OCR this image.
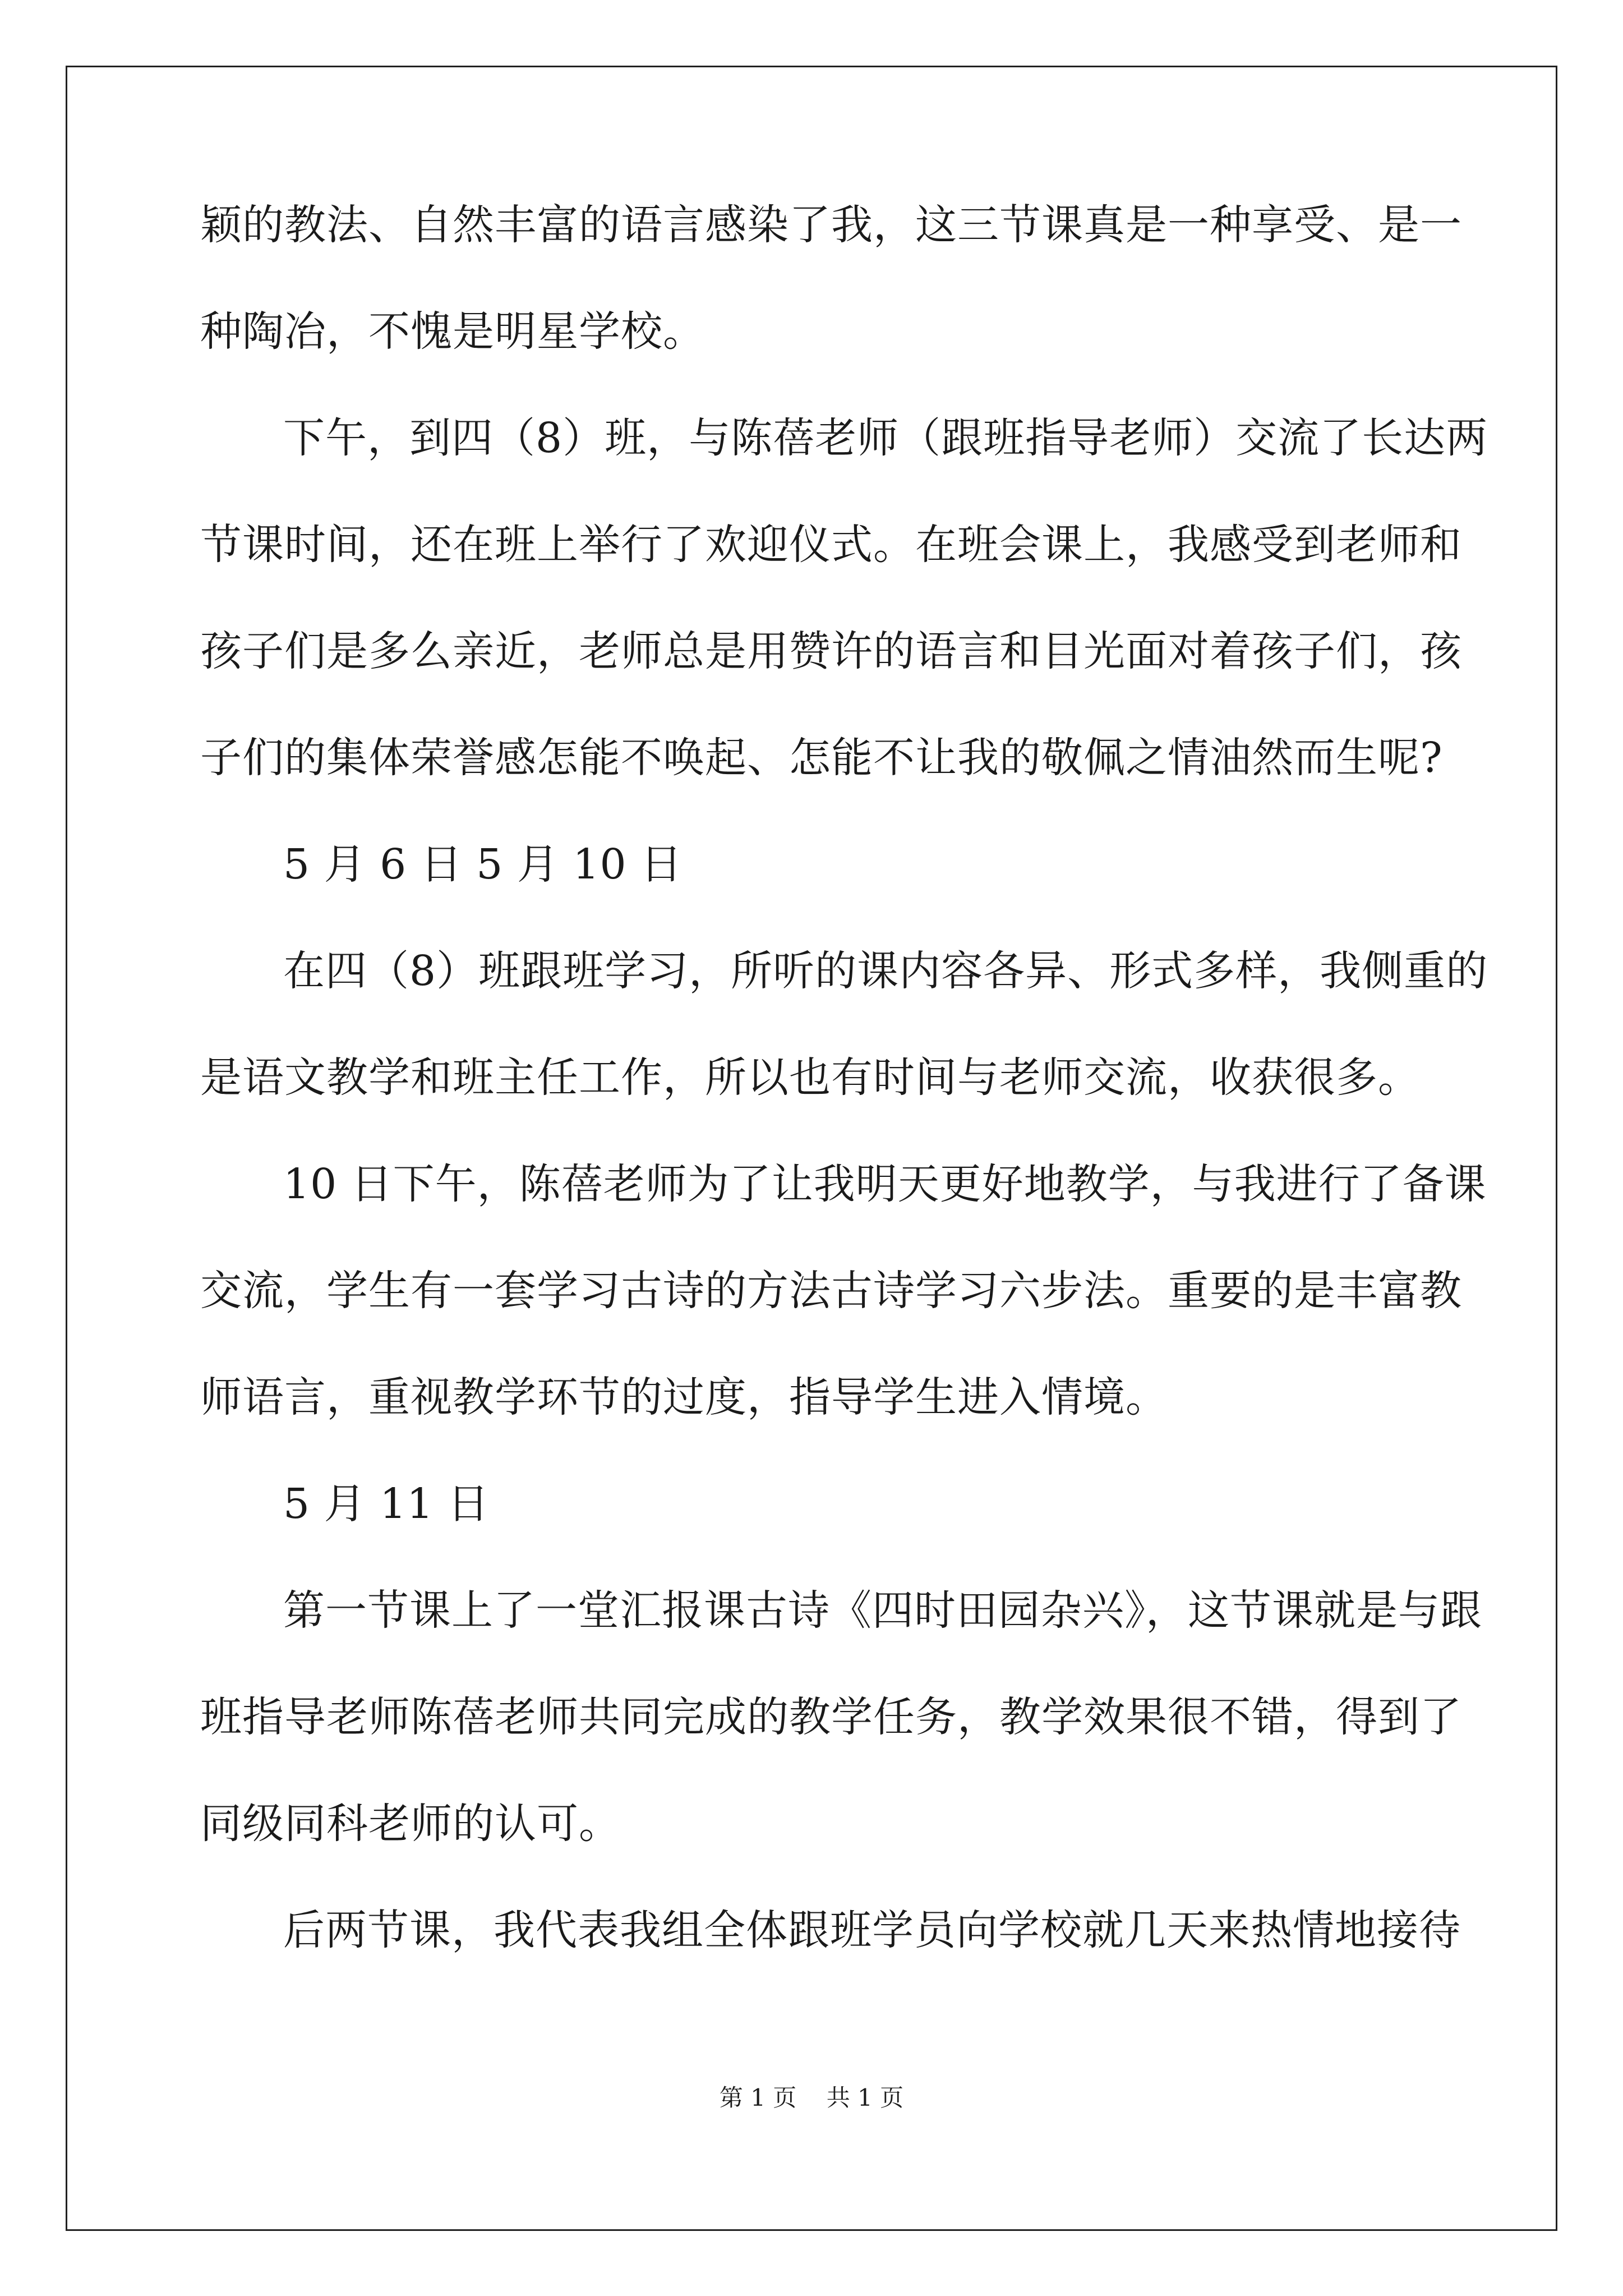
颖的教法、自然丰富的语言感染了我，这三节课真是一种享受、是一
种陶冶，不愧是明星学校。
下午，到四（8）班，与陈蓓老师（跟班指导老师）交流了长达两
节课时间，还在班上举行了欢迎仪式。在班会课上，我感受到老师和
孩子们是多么亲近，老师总是用赞许的语言和目光面对着孩子们，孩
子们的集体荣誉感怎能不唤起、怎能不让我的敬佩之情油然而生呢?
5 月 6 日 5 月 10 日
在四（8）班跟班学习，所听的课内容各异、形式多样，我侧重的
是语文教学和班主任工作，所以也有时间与老师交流，收获很多。
10 日下午，陈蓓老师为了让我明天更好地教学，与我进行了备课
交流，学生有一套学习古诗的方法古诗学习六步法。重要的是丰富教
师语言，重视教学环节的过度，指导学生进入情境。
5 月 11 日
第一节课上了一堂汇报课古诗《四时田园杂兴》，这节课就是与跟
班指导老师陈蓓老师共同完成的教学任务，教学效果很不错，得到了
同级同科老师的认可。
后两节课，我代表我组全体跟班学员向学校就几天来热情地接待
第 1 页 共 1 页
